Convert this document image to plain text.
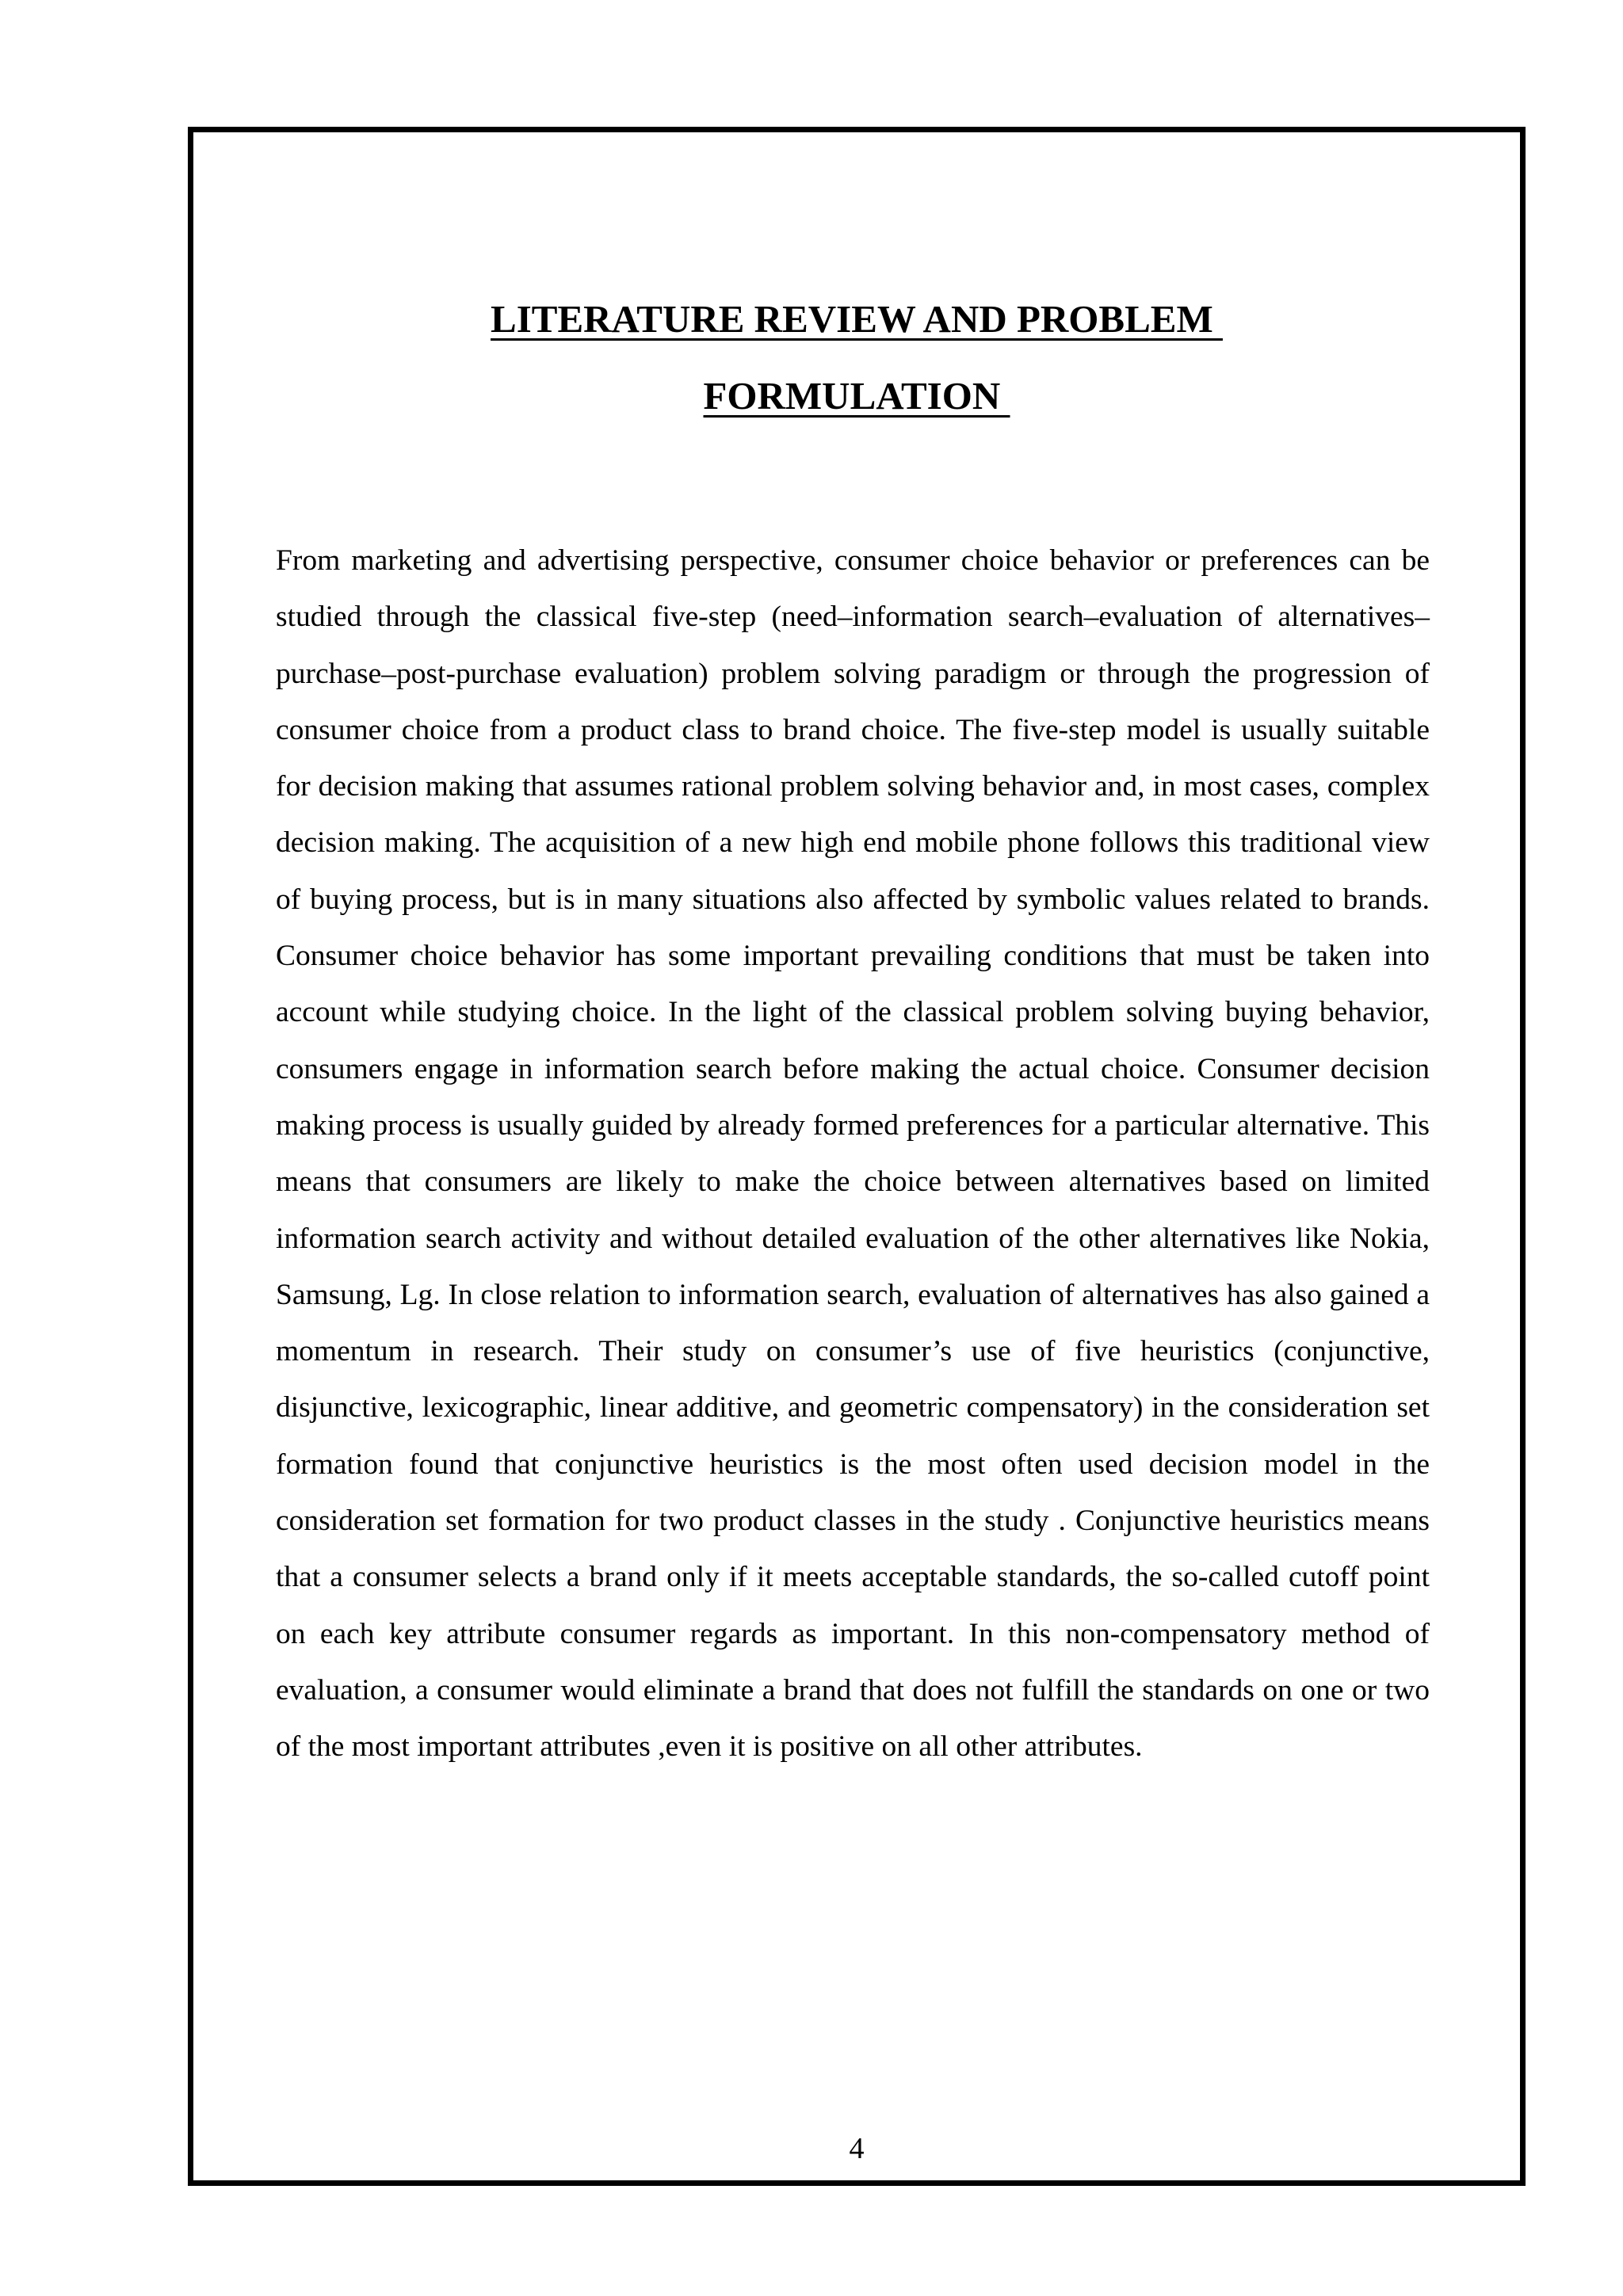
LITERATURE REVIEW AND PROBLEM
FORMULATION

From marketing and advertising perspective, consumer choice behavior or preferences can be studied through the classical five-step (need–information search–evaluation of alternatives–purchase–post-purchase evaluation) problem solving paradigm or through the progression of consumer choice from a product class to brand choice. The five-step model is usually suitable for decision making that assumes rational problem solving behavior and, in most cases, complex decision making. The acquisition of a new high end mobile phone follows this traditional view of buying process, but is in many situations also affected by symbolic values related to brands. Consumer choice behavior has some important prevailing conditions that must be taken into account while studying choice. In the light of the classical problem solving buying behavior, consumers engage in information search before making the actual choice. Consumer decision making process is usually guided by already formed preferences for a particular alternative. This means that consumers are likely to make the choice between alternatives based on limited information search activity and without detailed evaluation of the other alternatives like Nokia, Samsung, Lg. In close relation to information search, evaluation of alternatives has also gained a momentum in research. Their study on consumer’s use of five heuristics (conjunctive, disjunctive, lexicographic, linear additive, and geometric compensatory) in the consideration set formation found that conjunctive heuristics is the most often used decision model in the consideration set formation for two product classes in the study . Conjunctive heuristics means that a consumer selects a brand only if it meets acceptable standards, the so-called cutoff point on each key attribute consumer regards as important. In this non-compensatory method of evaluation, a consumer would eliminate a brand that does not fulfill the standards on one or two of the most important attributes ,even it is positive on all other attributes.

4
